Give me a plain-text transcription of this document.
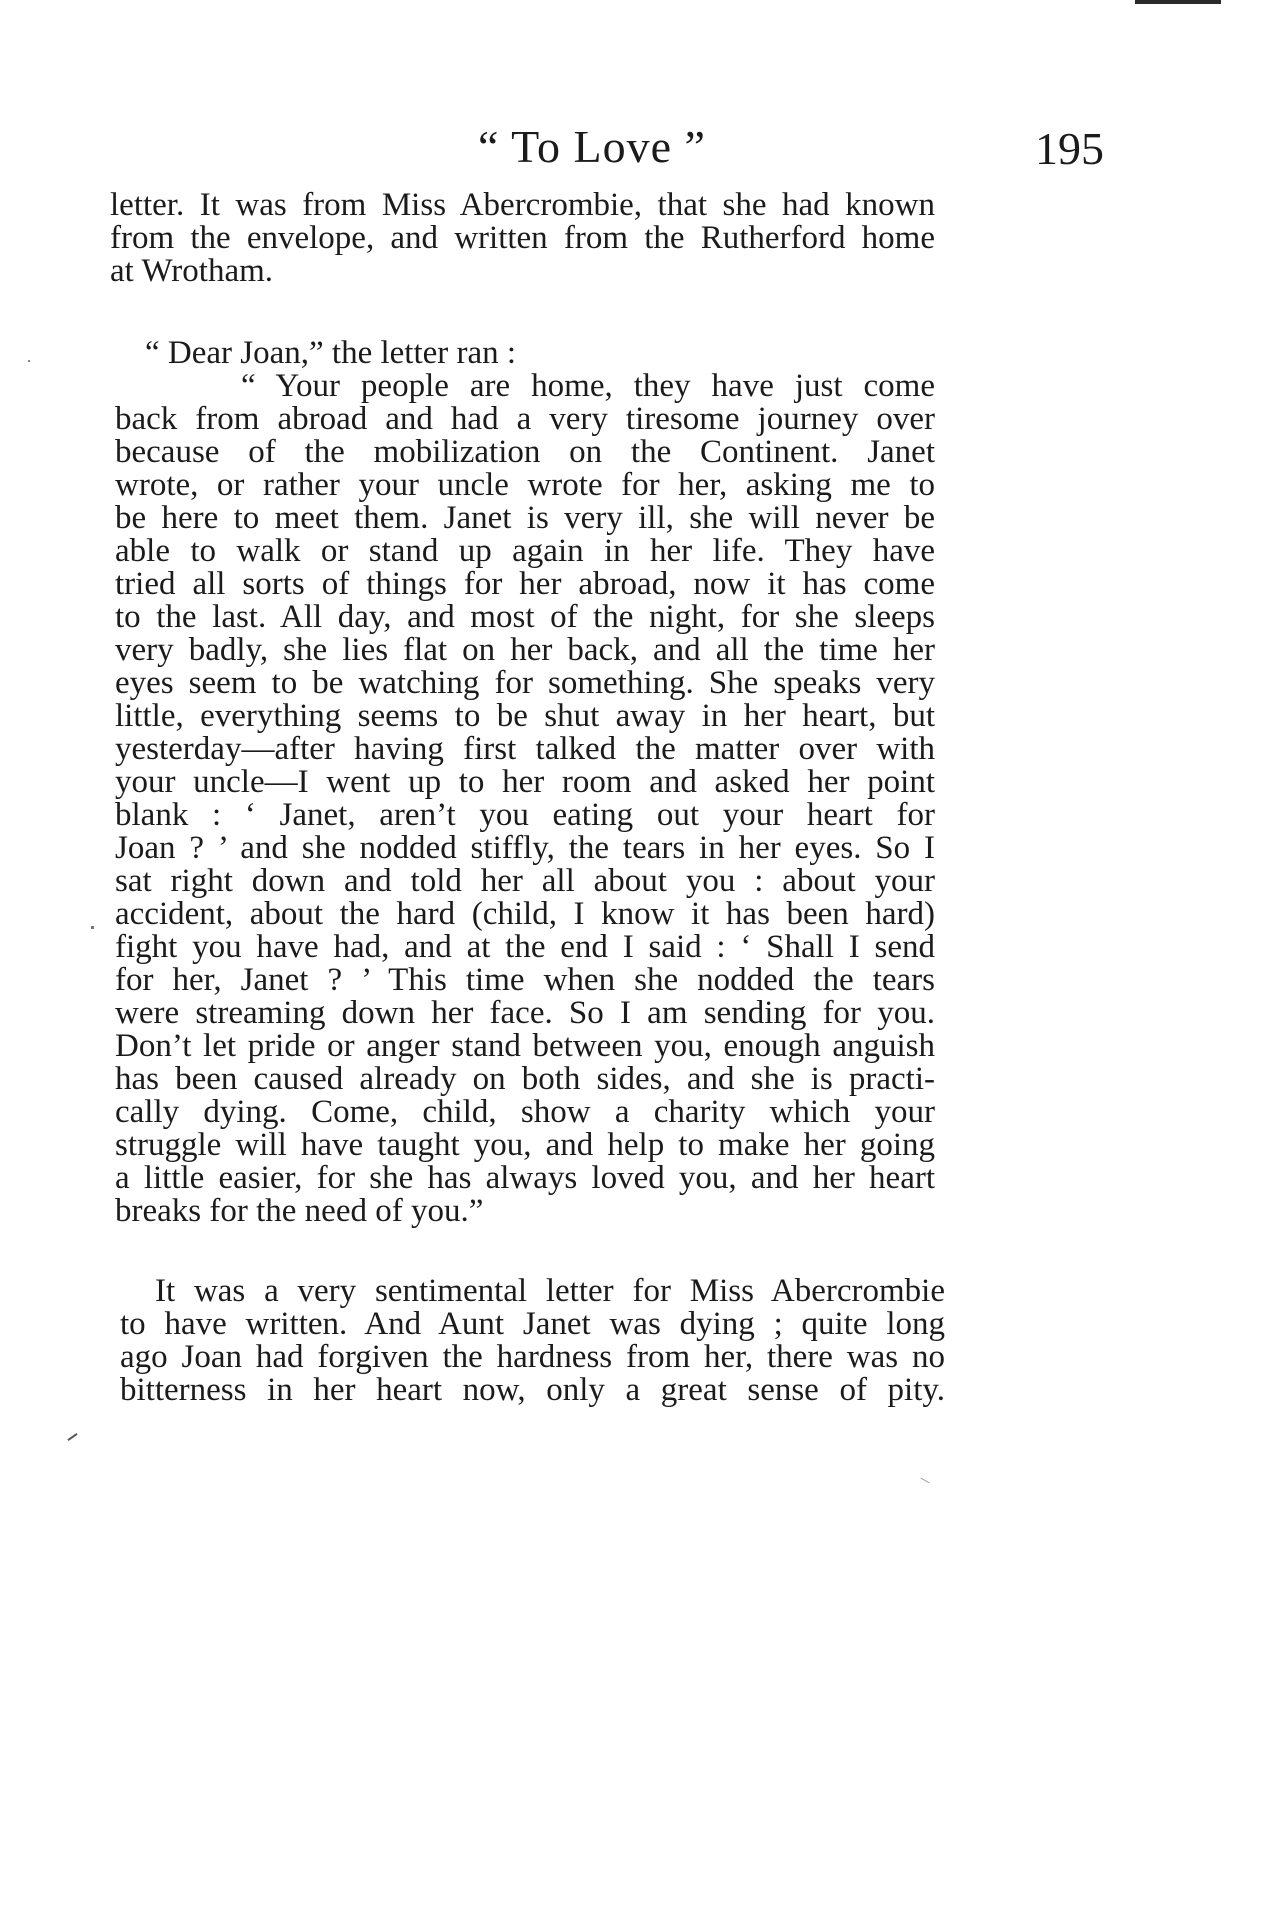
“ To Love ”	195
letter. It was from Miss Abercrombie, that she had known
from the envelope, and written from the Rutherford home
at Wrotham.
“ Dear Joan,” the letter ran :
“ Your people are home, they have just come
back from abroad and had a very tiresome journey over
because of the mobilization on the Continent. Janet
wrote, or rather your uncle wrote for her, asking me to
be here to meet them. Janet is very ill, she will never be
able to walk or stand up again in her life. They have
tried all sorts of things for her abroad, now it has come
to the last. All day, and most of the night, for she sleeps
very badly, she lies flat on her back, and all the time her
eyes seem to be watching for something. She speaks very
little, everything seems to be shut away in her heart, but
yesterday—after having first talked the matter over with
your uncle—I went up to her room and asked her point
blank : ‘ Janet, aren’t you eating out your heart for
Joan ? ’ and she nodded stiffly, the tears in her eyes. So I
sat right down and told her all about you : about your
accident, about the hard (child, I know it has been hard)
fight you have had, and at the end I said : ‘ Shall I send
for her, Janet ? ’ This time when she nodded the tears
were streaming down her face. So I am sending for you.
Don’t let pride or anger stand between you, enough anguish
has been caused already on both sides, and she is practi-
cally dying. Come, child, show a charity which your
struggle will have taught you, and help to make her going
a little easier, for she has always loved you, and her heart
breaks for the need of you.”
It was a very sentimental letter for Miss Abercrombie
to have written. And Aunt Janet was dying ; quite long
ago Joan had forgiven the hardness from her, there was no
bitterness in her heart now, only a great sense of pity.
